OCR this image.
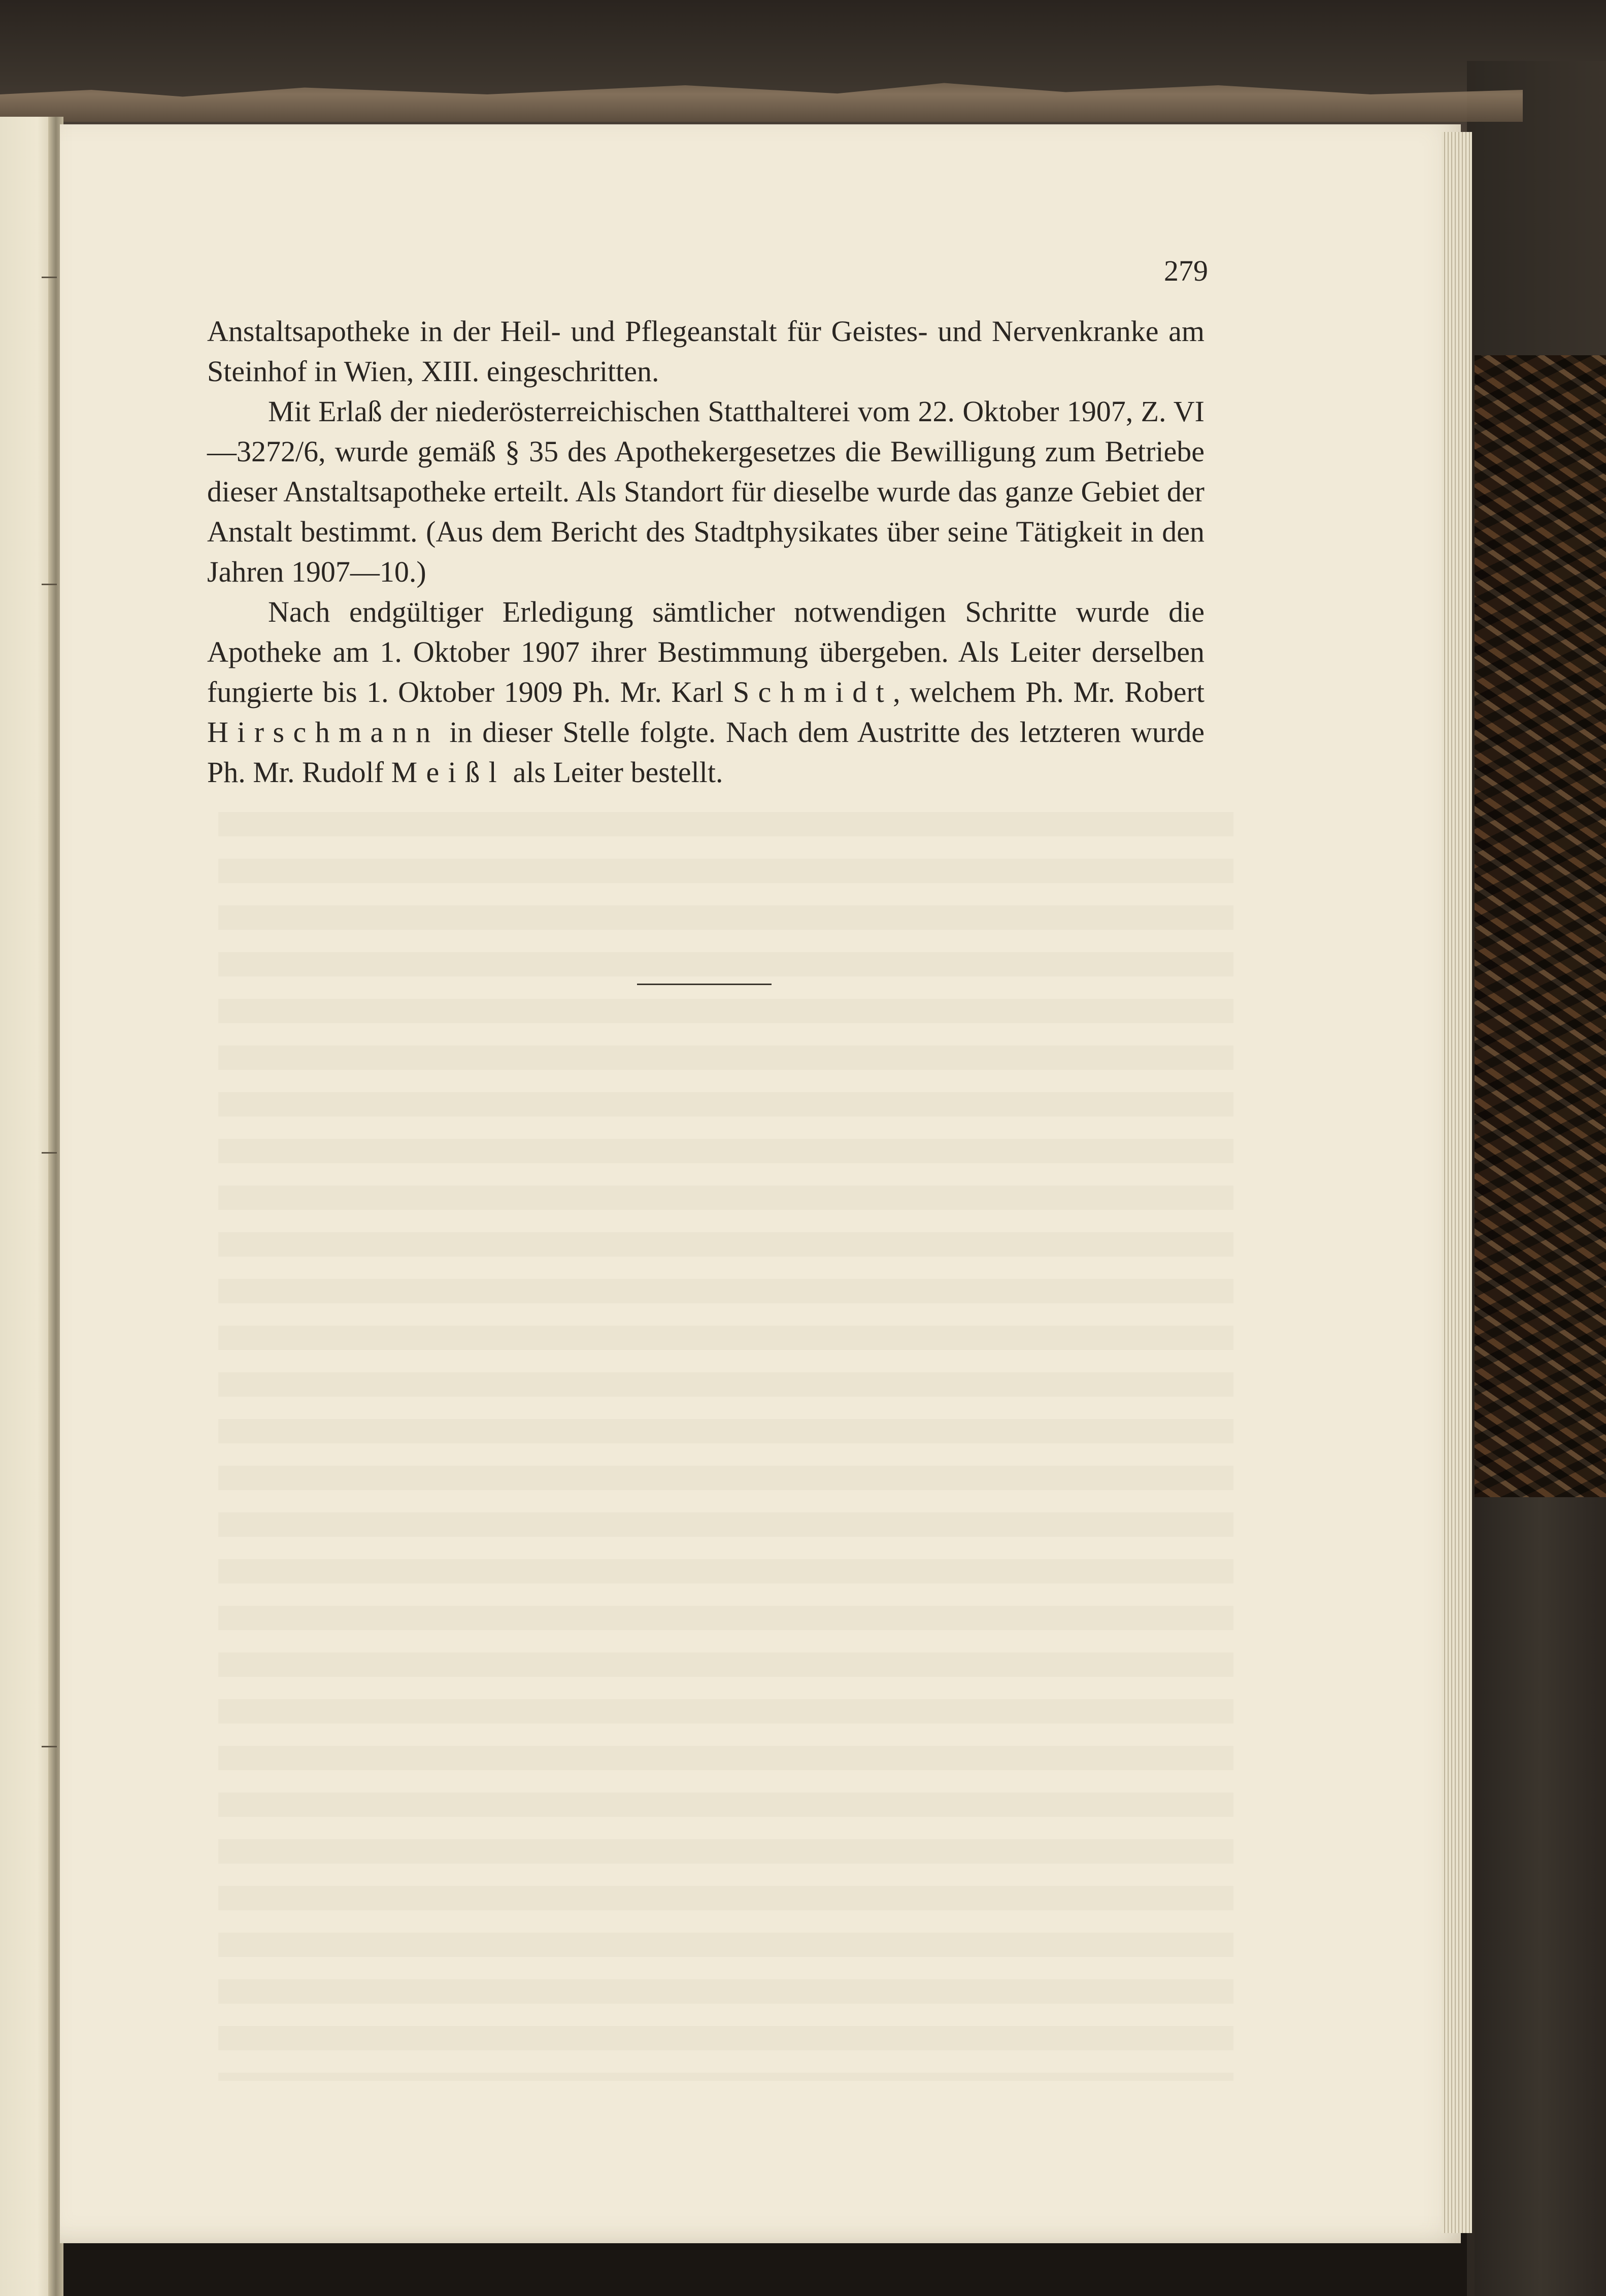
279

Anstaltsapotheke in der Heil- und Pflegeanstalt für Geistes- und Nervenkranke am Steinhof in Wien, XIII. eingeschritten.

Mit Erlaß der niederösterreichischen Statthalterei vom 22. Oktober 1907, Z. VI—3272/6, wurde gemäß § 35 des Apothekergesetzes die Bewilligung zum Betriebe dieser Anstaltsapotheke erteilt. Als Standort für dieselbe wurde das ganze Gebiet der Anstalt bestimmt. (Aus dem Bericht des Stadtphysikates über seine Tätigkeit in den Jahren 1907—10.)

Nach endgültiger Erledigung sämtlicher notwendigen Schritte wurde die Apotheke am 1. Oktober 1907 ihrer Bestimmung übergeben. Als Leiter derselben fungierte bis 1. Oktober 1909 Ph. Mr. Karl Schmidt, welchem Ph. Mr. Robert Hirschmann in dieser Stelle folgte. Nach dem Austritte des letzteren wurde Ph. Mr. Rudolf Meißl als Leiter bestellt.
